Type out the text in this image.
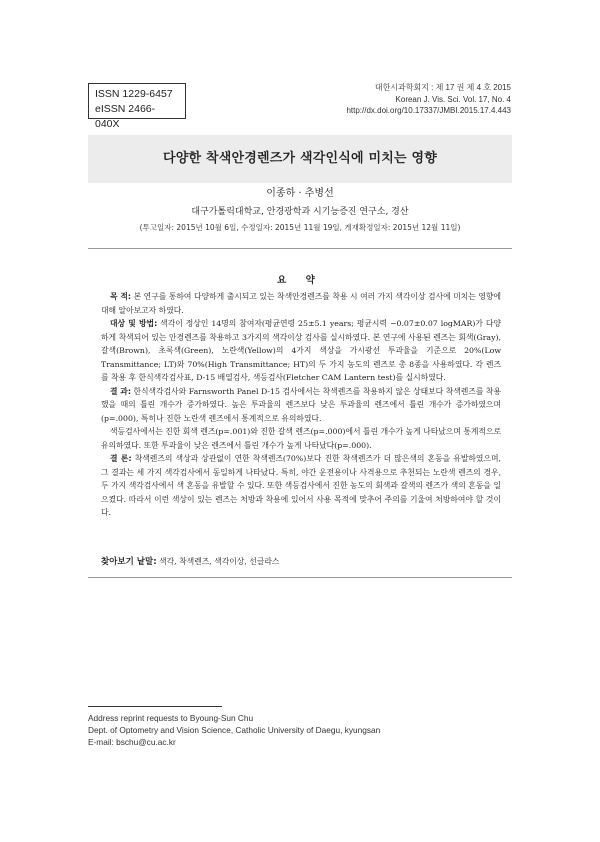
ISSN 1229-6457
eISSN 2466-040X
대한시과학회지 : 제 17 권 제 4 호 2015
Korean J. Vis. Sci. Vol. 17, No. 4
http://dx.doi.org/10.17337/JMBI.2015.17.4.443
다양한 착색안경렌즈가 색각인식에 미치는 영향
이종하 · 추병선
대구가톨릭대학교, 안경광학과 시기능증진 연구소, 경산
(투고일자: 2015년 10월 6일, 수정일자: 2015년 11월 19일, 게재확정일자: 2015년 12월 11일)
요 약

목 적: 본 연구를 통하여 다양하게 출시되고 있는 착색안경렌즈를 착용 시 여러 가지 색각이상 검사에 미치는 영향에 대해 알아보고자 하였다.

대상 및 방법: 색각이 정상인 14명의 참여자(평균연령 25±5.1 years; 평균시력 −0.07±0.07 logMAR)가 다양하게 착색되어 있는 안경렌즈를 착용하고 3가지의 색각이상 검사를 실시하였다. 본 연구에 사용된 렌즈는 회색(Gray), 갈색(Brown), 초록색(Green), 노란색(Yellow)의 4가지 색상을 가시광선 투과율을 기준으로 20%(Low Transmittance; LT)와 70%(High Transmittance; HT)의 두 가지 농도의 렌즈로 총 8종을 사용하였다. 각 렌즈를 착용 후 한식색각검사표, D-15 배열검사, 색등검사(Fletcher CAM Lantern test)를 실시하였다.

결 과: 한식색각검사와 Farnsworth Panel D-15 검사에서는 착색렌즈를 착용하지 않은 상태보다 착색렌즈를 착용했을 때의 틀린 개수가 증가하였다. 높은 투과율의 렌즈보다 낮은 투과율의 렌즈에서 틀린 개수가 증가하였으며(p=.000), 특히나 진한 노란색 렌즈에서 통계적으로 유의하였다.

색등검사에서는 진한 회색 렌즈(p=.001)와 진한 갈색 렌즈(p=.000)에서 틀린 개수가 높게 나타났으며 통계적으로 유의하였다. 또한 투과율이 낮은 렌즈에서 틀린 개수가 높게 나타났다(p=.000).

결 론: 착색렌즈의 색상과 상관없이 연한 착색렌즈(70%)보다 진한 착색렌즈가 더 많은색의 혼동을 유발하였으며, 그 결과는 세 가지 색각검사에서 동일하게 나타났다. 특히, 야간 운전용이나 사격용으로 추천되는 노란색 렌즈의 경우, 두 가지 색각검사에서 색 혼동을 유발할 수 있다. 또한 색등검사에서 진한 농도의 회색과 갈색의 렌즈가 색의 혼동을 일으켰다. 따라서 이런 색상이 있는 렌즈는 처방과 착용에 있어서 사용 목적에 맞추어 주의를 기울여 처방하여야 할 것이다.

찾아보기 낱말: 색각, 착색렌즈, 색각이상, 선글라스
Address reprint requests to Byoung-Sun Chu
Dept. of Optometry and Vision Science, Catholic University of Daegu, kyungsan
E-mail: bschu@cu.ac.kr
